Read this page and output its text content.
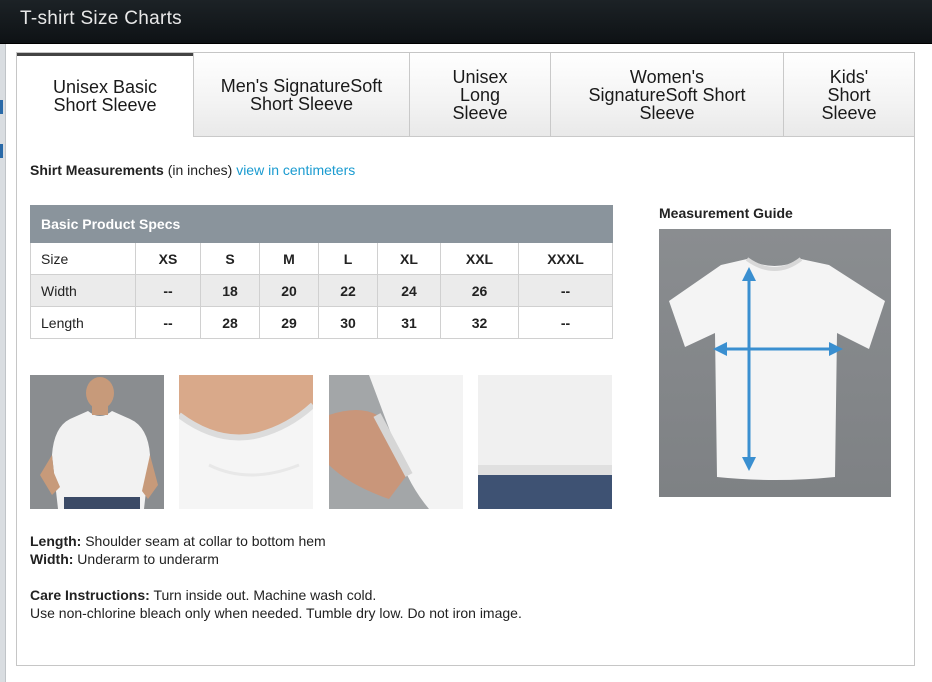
T-shirt Size Charts
Unisex Basic
Short Sleeve
Men's SignatureSoft
Short Sleeve
Unisex
Long
Sleeve
Women's
SignatureSoft Short
Sleeve
Kids'
Short
Sleeve
Shirt Measurements (in inches) view in centimeters
Basic Product Specs							
Size	XS	S	M	L	XL	XXL	XXXL
Width	--	18	20	22	24	26	--
Length	--	28	29	30	31	32	--
Length: Shoulder seam at collar to bottom hem
Width: Underarm to underarm
Care Instructions: Turn inside out. Machine wash cold.
Use non-chlorine bleach only when needed. Tumble dry low. Do not iron image.
Measurement Guide
